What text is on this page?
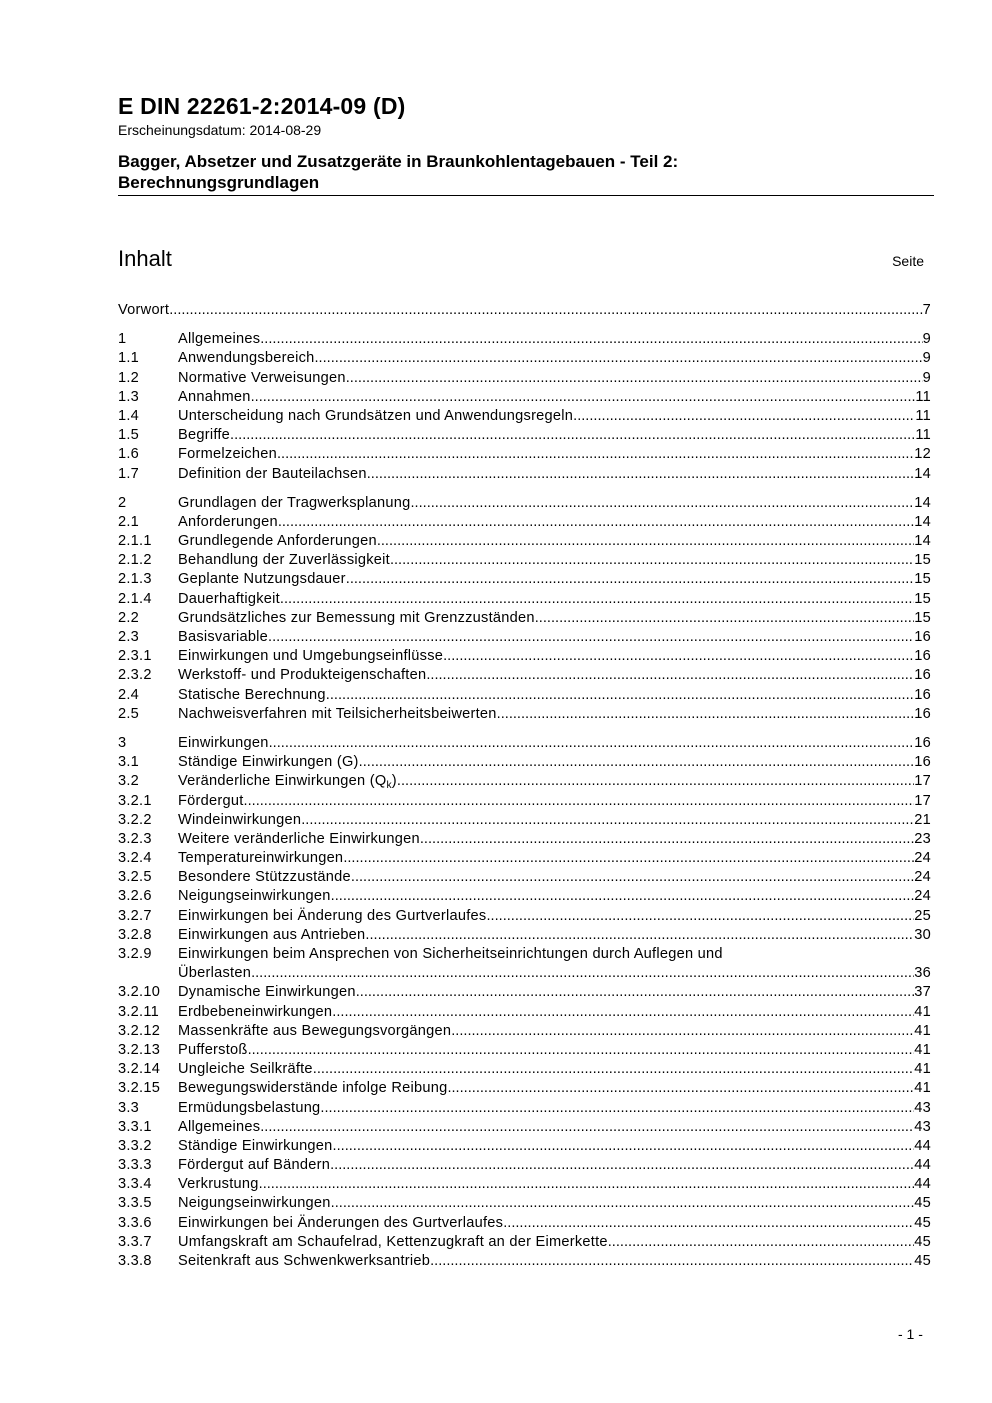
E DIN 22261-2:2014-09 (D)
Erscheinungsdatum: 2014-08-29
Bagger, Absetzer und Zusatzgeräte in Braunkohlentagebauen - Teil 2:
Berechnungsgrundlagen
Inhalt	Seite
Vorwort .....	7
1	Allgemeines .....	9
1.1	Anwendungsbereich .....	9
1.2	Normative Verweisungen .....	9
1.3	Annahmen .....	11
1.4	Unterscheidung nach Grundsätzen und Anwendungsregeln .....	11
1.5	Begriffe .....	11
1.6	Formelzeichen .....	12
1.7	Definition der Bauteilachsen .....	14
2	Grundlagen der Tragwerksplanung .....	14
2.1	Anforderungen .....	14
2.1.1	Grundlegende Anforderungen .....	14
2.1.2	Behandlung der Zuverlässigkeit .....	15
2.1.3	Geplante Nutzungsdauer .....	15
2.1.4	Dauerhaftigkeit .....	15
2.2	Grundsätzliches zur Bemessung mit Grenzzuständen .....	15
2.3	Basisvariable .....	16
2.3.1	Einwirkungen und Umgebungseinflüsse .....	16
2.3.2	Werkstoff- und Produkteigenschaften .....	16
2.4	Statische Berechnung .....	16
2.5	Nachweisverfahren mit Teilsicherheitsbeiwerten .....	16
3	Einwirkungen .....	16
3.1	Ständige Einwirkungen (G) .....	16
3.2	Veränderliche Einwirkungen $(Q_k)$ .....	17
3.2.1	Fördergut .....	17
3.2.2	Windeinwirkungen .....	21
3.2.3	Weitere veränderliche Einwirkungen .....	23
3.2.4	Temperatureinwirkungen .....	24
3.2.5	Besondere Stützzustände .....	24
3.2.6	Neigungseinwirkungen .....	24
3.2.7	Einwirkungen bei Änderung des Gurtverlaufes .....	25
3.2.8	Einwirkungen aus Antrieben .....	30
3.2.9	Einwirkungen beim Ansprechen von Sicherheitseinrichtungen durch Auflegen und
Überlasten .....	36
3.2.10	Dynamische Einwirkungen .....	37
3.2.11	Erdbebeneinwirkungen .....	41
3.2.12	Massenkräfte aus Bewegungsvorgängen .....	41
3.2.13	Pufferstoß .....	41
3.2.14	Ungleiche Seilkräfte .....	41
3.2.15	Bewegungswiderstände infolge Reibung .....	41
3.3	Ermüdungsbelastung .....	43
3.3.1	Allgemeines .....	43
3.3.2	Ständige Einwirkungen .....	44
3.3.3	Fördergut auf Bändern .....	44
3.3.4	Verkrustung .....	44
3.3.5	Neigungseinwirkungen .....	45
3.3.6	Einwirkungen bei Änderungen des Gurtverlaufes .....	45
3.3.7	Umfangskraft am Schaufelrad, Kettenzugkraft an der Eimerkette .....	45
3.3.8	Seitenkraft aus Schwenkwerksantrieb .....	45
- 1 -
